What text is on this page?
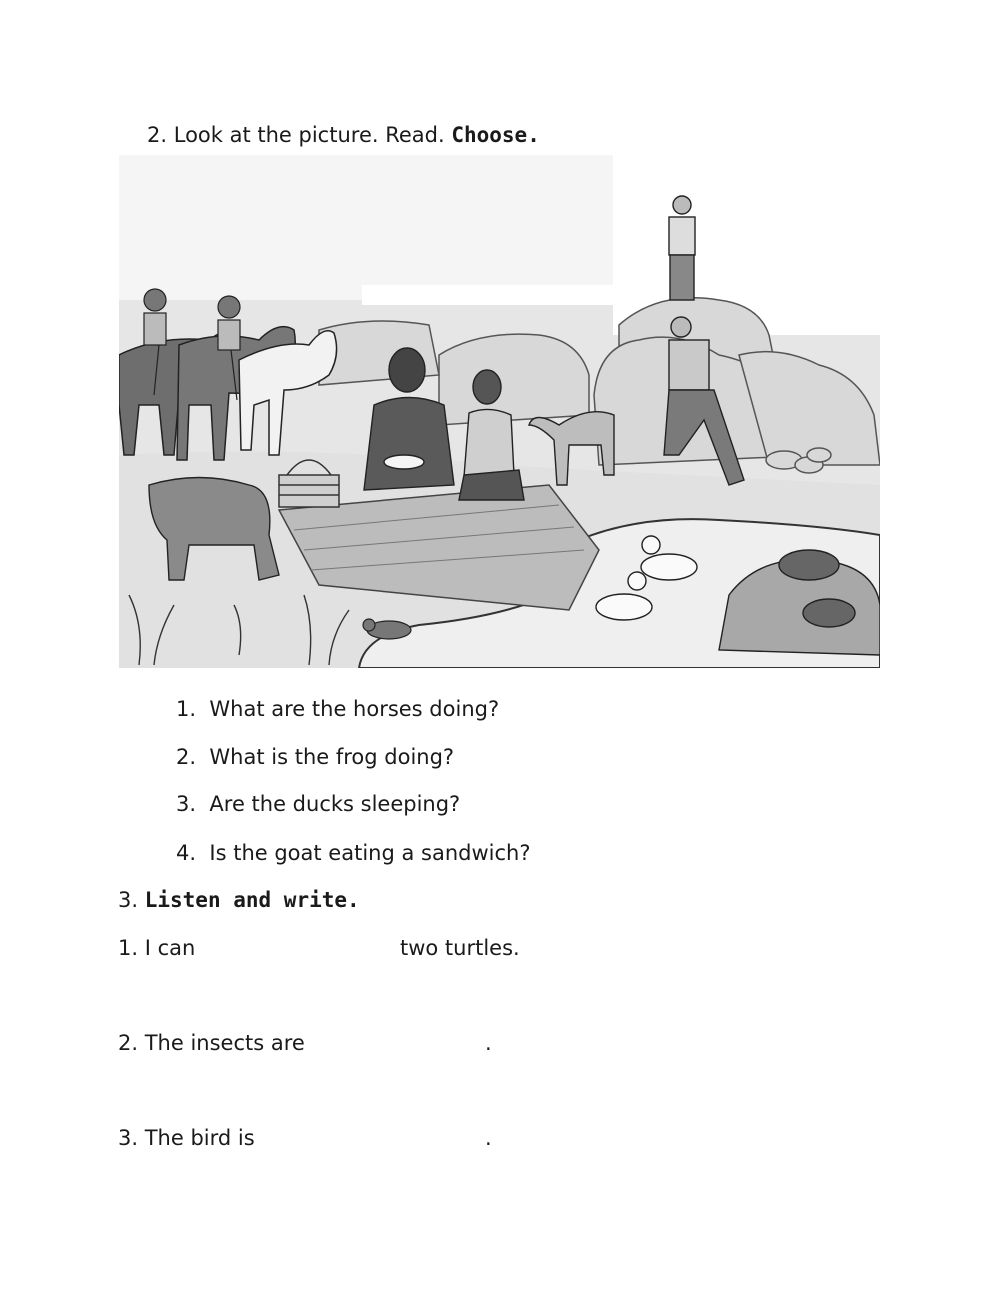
2. Look at the picture. Read. Choose.
1. What are the horses doing?
2. What is the frog doing?
3. Are the ducks sleeping?
4. Is the goat eating a sandwich?
3. Listen and write.
1. I can	two turtles.
2. The insects are	.
3. The bird is	.
